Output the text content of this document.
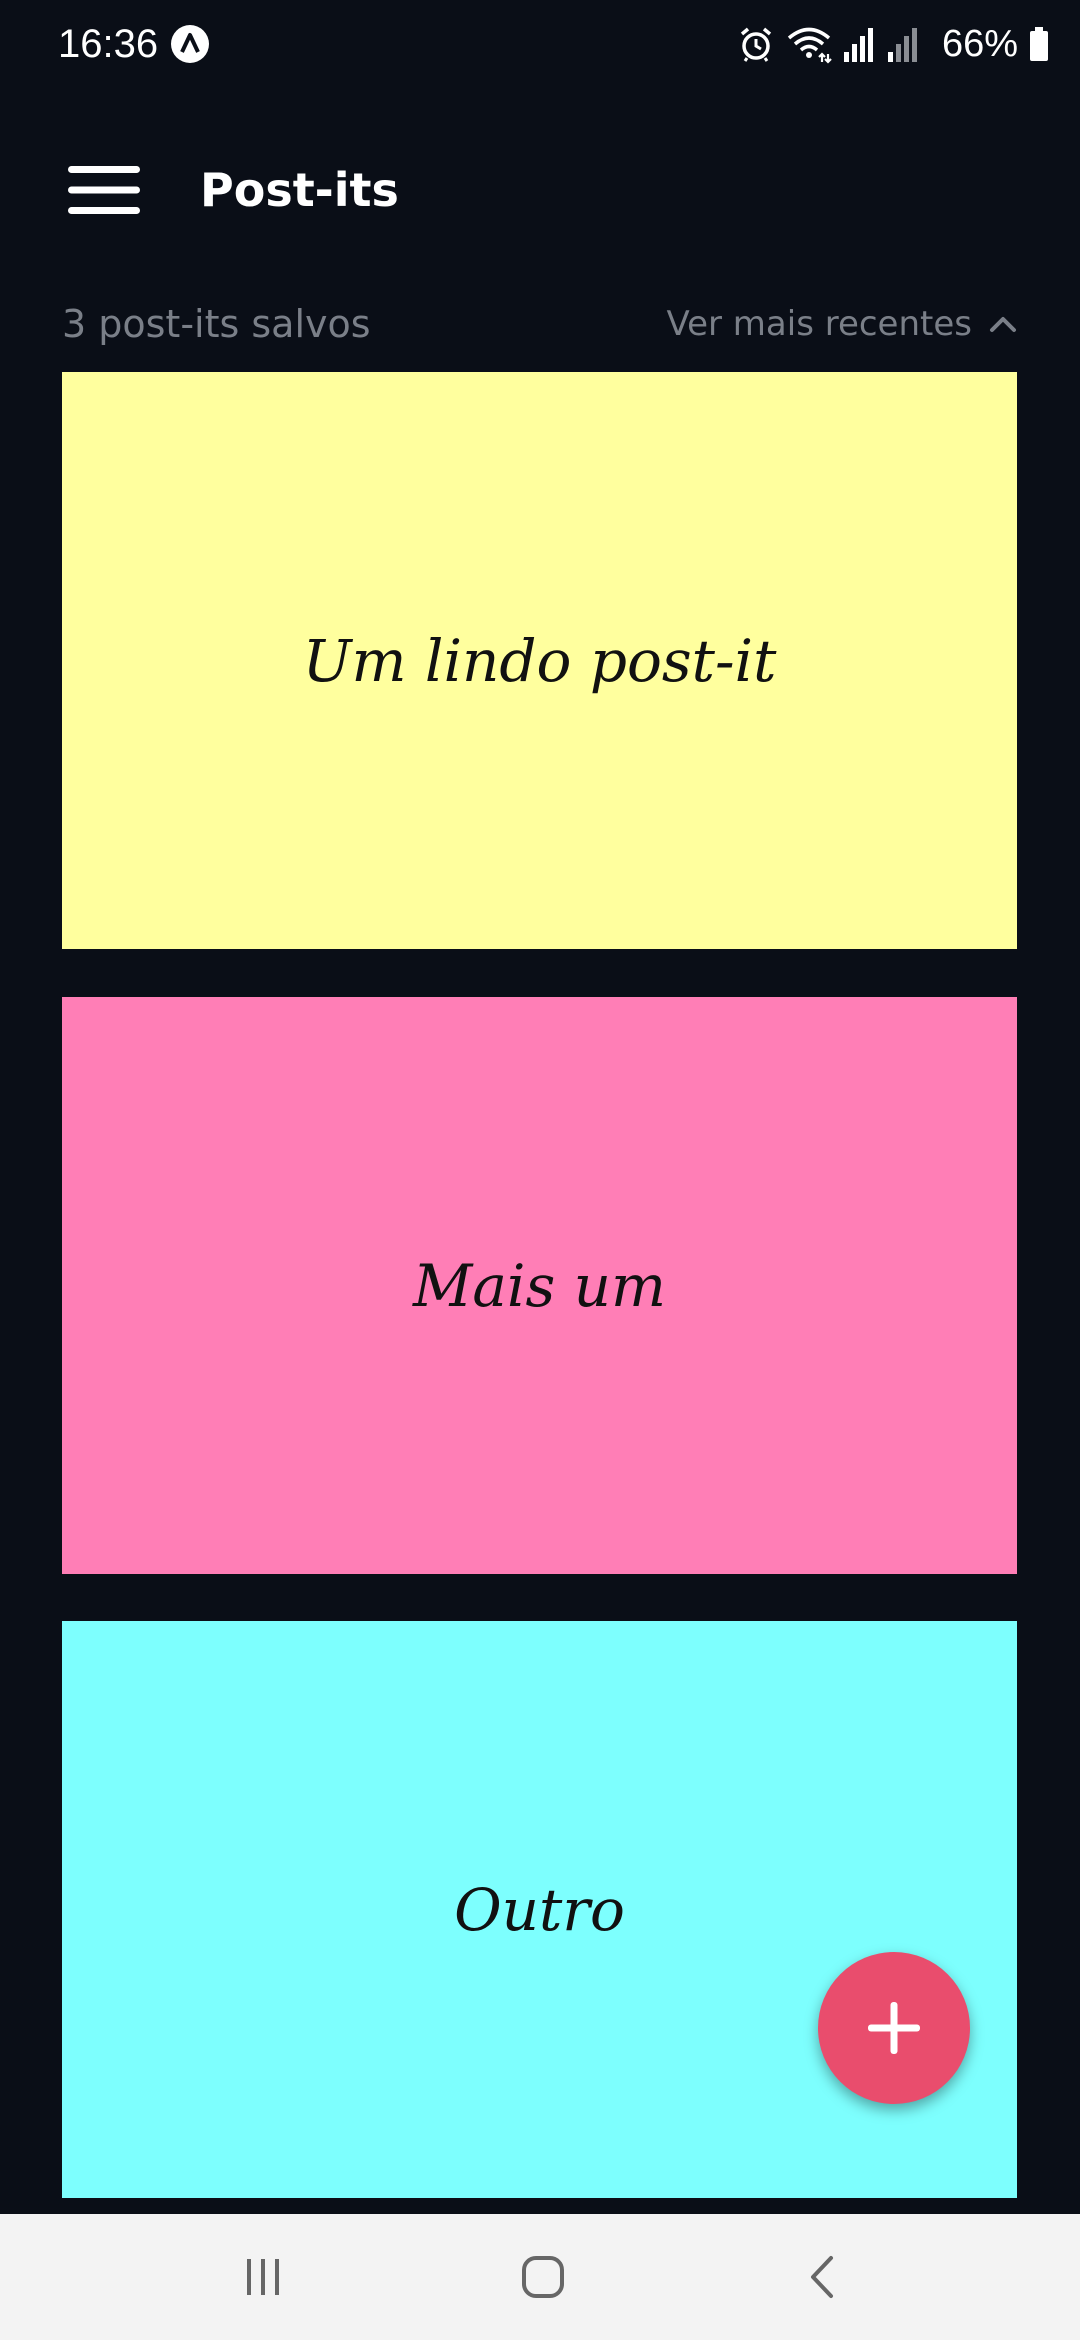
16:36	66%
Post-its
3 post-its salvos	Ver mais recentes
Um lindo post-it
Mais um
Outro
